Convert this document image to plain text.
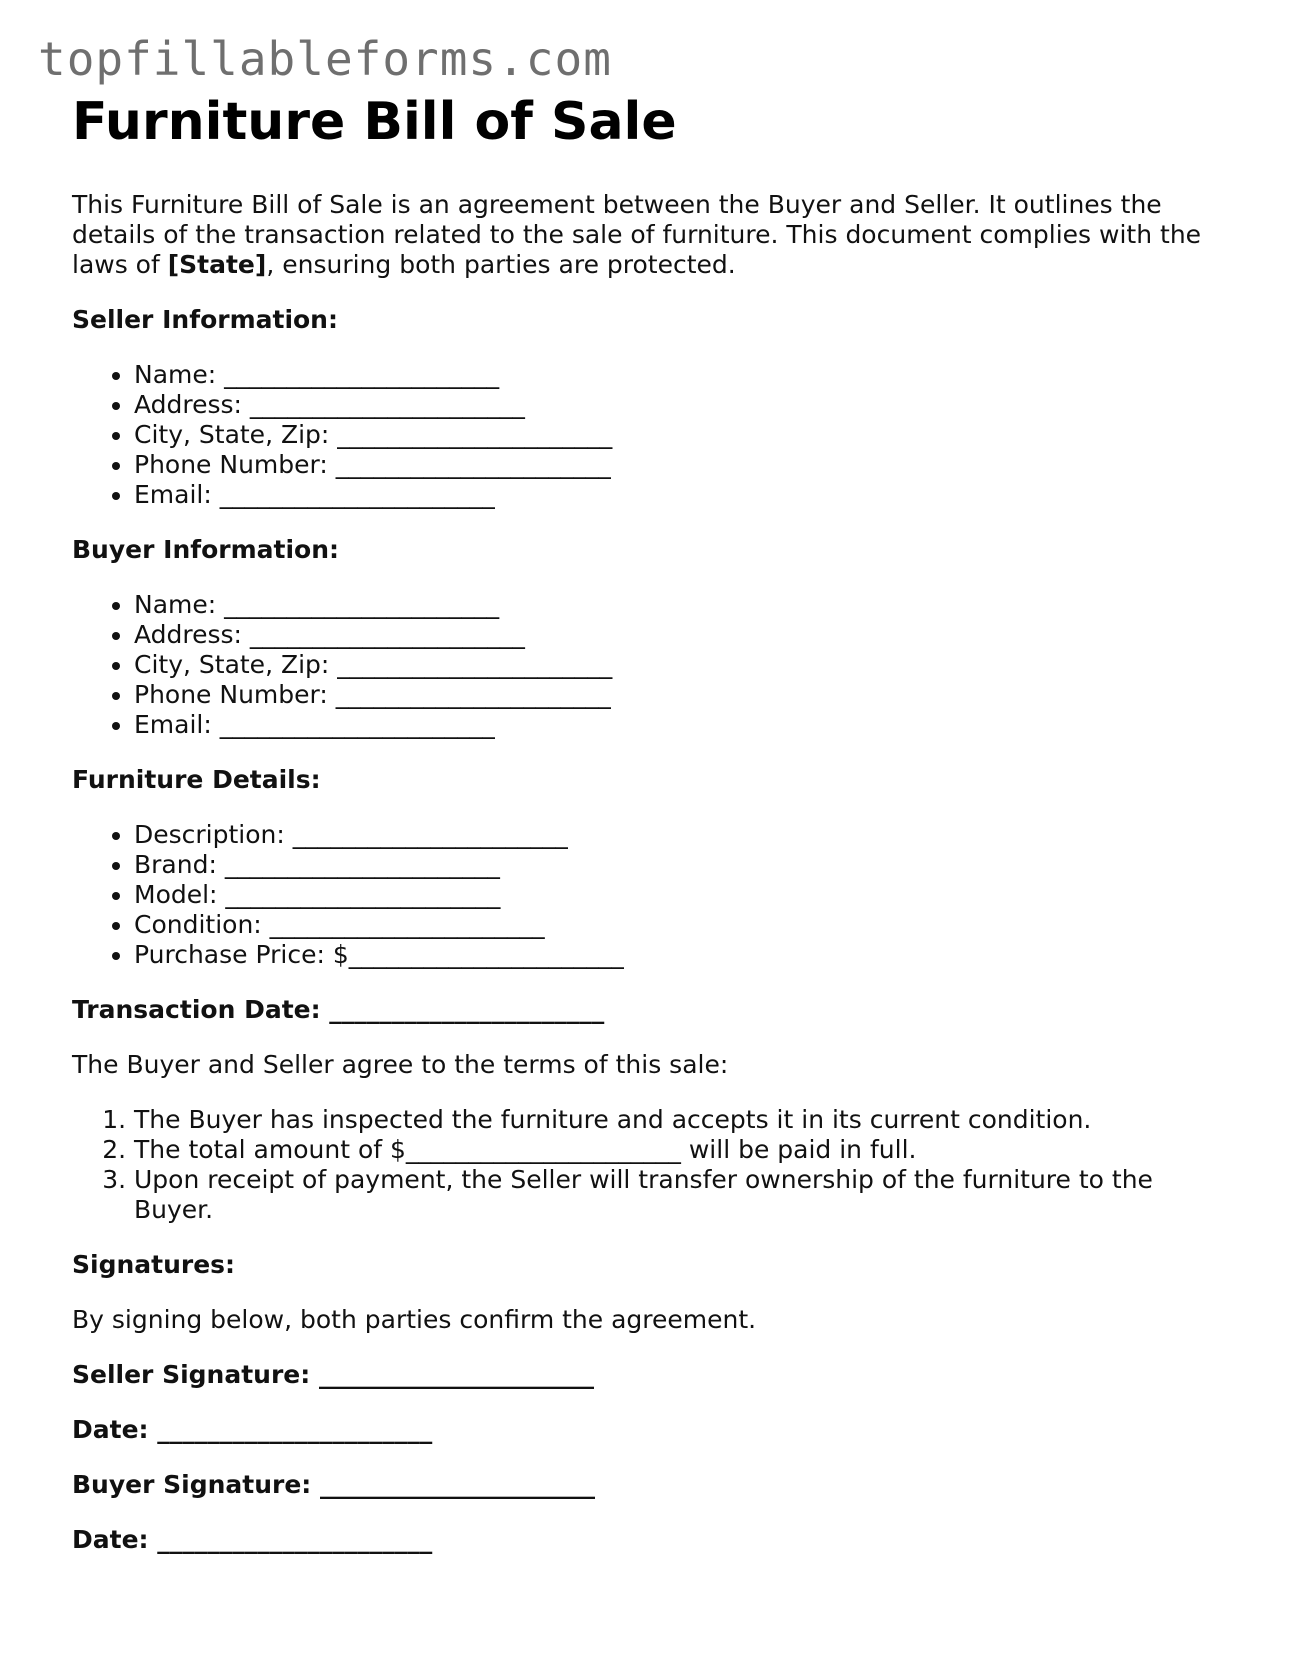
topfillableforms.com
Furniture Bill of Sale

This Furniture Bill of Sale is an agreement between the Buyer and Seller. It outlines the details of the transaction related to the sale of furniture. This document complies with the laws of [State], ensuring both parties are protected.

Seller Information:

• Name: ______________________
• Address: ______________________
• City, State, Zip: ______________________
• Phone Number: ______________________
• Email: ______________________

Buyer Information:

• Name: ______________________
• Address: ______________________
• City, State, Zip: ______________________
• Phone Number: ______________________
• Email: ______________________

Furniture Details:

• Description: ______________________
• Brand: ______________________
• Model: ______________________
• Condition: ______________________
• Purchase Price: $______________________

Transaction Date: ______________________

The Buyer and Seller agree to the terms of this sale:

1. The Buyer has inspected the furniture and accepts it in its current condition.
2. The total amount of $______________________ will be paid in full.
3. Upon receipt of payment, the Seller will transfer ownership of the furniture to the Buyer.

Signatures:

By signing below, both parties confirm the agreement.

Seller Signature: ______________________

Date: ______________________

Buyer Signature: ______________________

Date: ______________________
